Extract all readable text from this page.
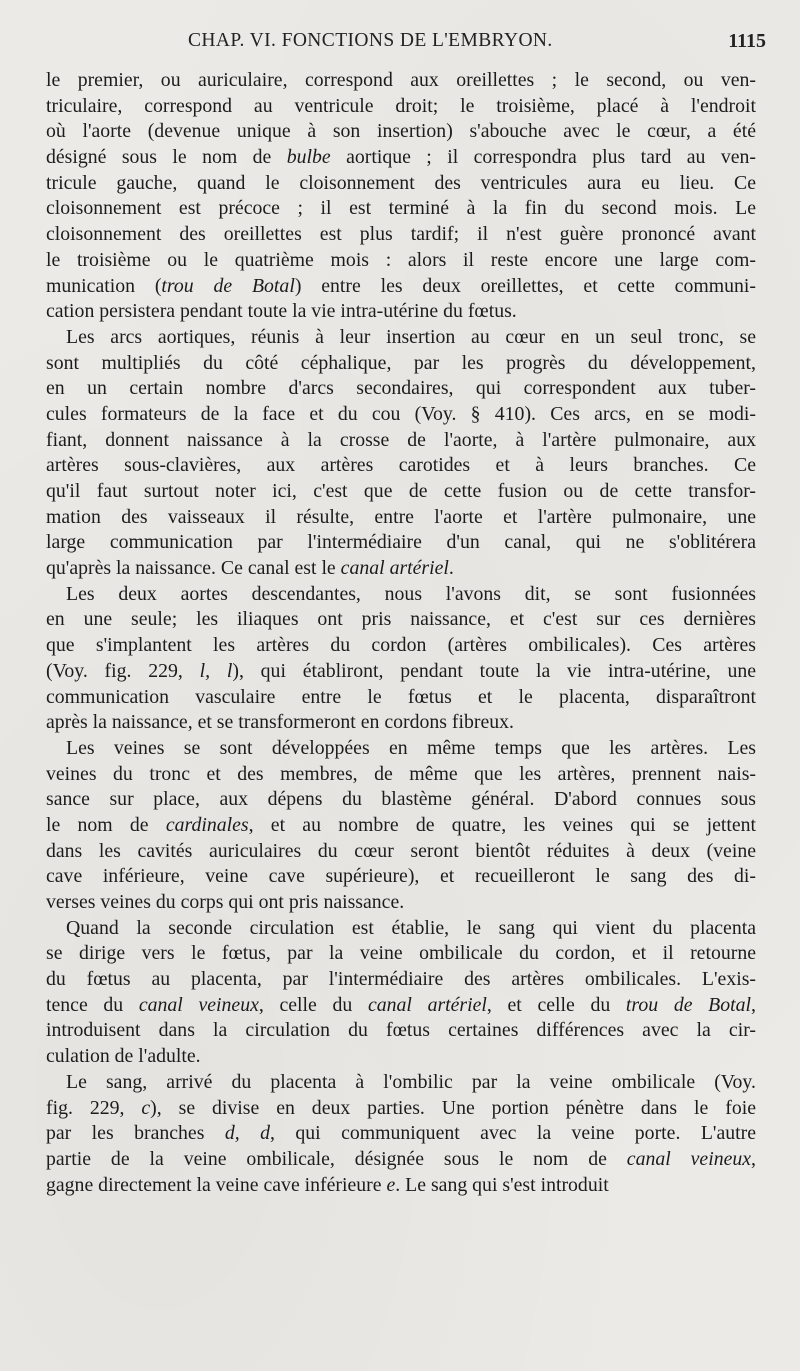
CHAP. VI. FONCTIONS DE L'EMBRYON.	1115
le premier, ou auriculaire, correspond aux oreillettes ; le second, ou ven-
triculaire, correspond au ventricule droit; le troisième, placé à l'endroit
où l'aorte (devenue unique à son insertion) s'abouche avec le cœur, a été
désigné sous le nom de bulbe aortique ; il correspondra plus tard au ven-
tricule gauche, quand le cloisonnement des ventricules aura eu lieu. Ce
cloisonnement est précoce ; il est terminé à la fin du second mois. Le
cloisonnement des oreillettes est plus tardif; il n'est guère prononcé avant
le troisième ou le quatrième mois : alors il reste encore une large com-
munication (trou de Botal) entre les deux oreillettes, et cette communi-
cation persistera pendant toute la vie intra-utérine du fœtus.
Les arcs aortiques, réunis à leur insertion au cœur en un seul tronc, se
sont multipliés du côté céphalique, par les progrès du développement,
en un certain nombre d'arcs secondaires, qui correspondent aux tuber-
cules formateurs de la face et du cou (Voy. § 410). Ces arcs, en se modi-
fiant, donnent naissance à la crosse de l'aorte, à l'artère pulmonaire, aux
artères sous-clavières, aux artères carotides et à leurs branches. Ce
qu'il faut surtout noter ici, c'est que de cette fusion ou de cette transfor-
mation des vaisseaux il résulte, entre l'aorte et l'artère pulmonaire, une
large communication par l'intermédiaire d'un canal, qui ne s'oblitérera
qu'après la naissance. Ce canal est le canal artériel.
Les deux aortes descendantes, nous l'avons dit, se sont fusionnées
en une seule; les iliaques ont pris naissance, et c'est sur ces dernières
que s'implantent les artères du cordon (artères ombilicales). Ces artères
(Voy. fig. 229, l, l), qui établiront, pendant toute la vie intra-utérine, une
communication vasculaire entre le fœtus et le placenta, disparaîtront
après la naissance, et se transformeront en cordons fibreux.
Les veines se sont développées en même temps que les artères. Les
veines du tronc et des membres, de même que les artères, prennent nais-
sance sur place, aux dépens du blastème général. D'abord connues sous
le nom de cardinales, et au nombre de quatre, les veines qui se jettent
dans les cavités auriculaires du cœur seront bientôt réduites à deux (veine
cave inférieure, veine cave supérieure), et recueilleront le sang des di-
verses veines du corps qui ont pris naissance.
Quand la seconde circulation est établie, le sang qui vient du placenta
se dirige vers le fœtus, par la veine ombilicale du cordon, et il retourne
du fœtus au placenta, par l'intermédiaire des artères ombilicales. L'exis-
tence du canal veineux, celle du canal artériel, et celle du trou de Botal,
introduisent dans la circulation du fœtus certaines différences avec la cir-
culation de l'adulte.
Le sang, arrivé du placenta à l'ombilic par la veine ombilicale (Voy.
fig. 229, c), se divise en deux parties. Une portion pénètre dans le foie
par les branches d, d, qui communiquent avec la veine porte. L'autre
partie de la veine ombilicale, désignée sous le nom de canal veineux,
gagne directement la veine cave inférieure e. Le sang qui s'est introduit
